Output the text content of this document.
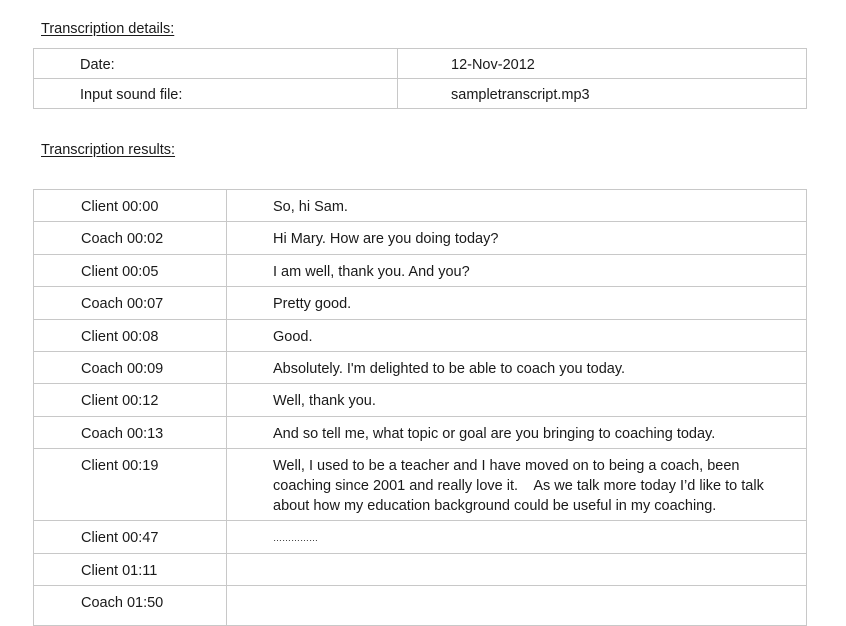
Transcription details:
Date:	12-Nov-2012
Input sound file:	sampletranscript.mp3
Transcription results:
Client 00:00	So, hi Sam.
Coach 00:02	Hi Mary. How are you doing today?
Client 00:05	I am well, thank you. And you?
Coach 00:07	Pretty good.
Client 00:08	Good.
Coach 00:09	Absolutely. I'm delighted to be able to coach you today.
Client 00:12	Well, thank you.
Coach 00:13	And so tell me, what topic or goal are you bringing to coaching today.
Client 00:19	Well, I used to be a teacher and I have moved on to being a coach, been coaching since 2001 and really love it.    As we talk more today I’d like to talk about how my education background could be useful in my coaching.
Client 00:47	……………
Client 01:11	
Coach 01:50	
